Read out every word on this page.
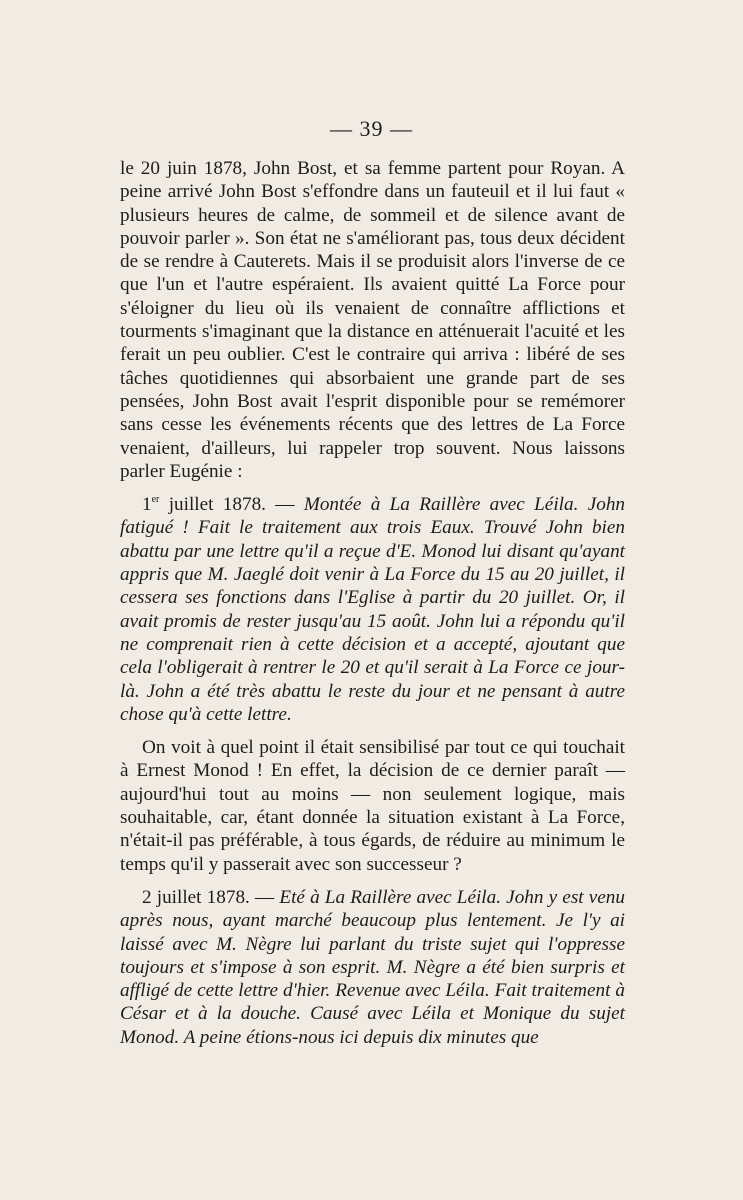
— 39 —

le 20 juin 1878, John Bost, et sa femme partent pour Royan. A peine arrivé John Bost s'effondre dans un fauteuil et il lui faut « plusieurs heures de calme, de sommeil et de silence avant de pouvoir parler ». Son état ne s'améliorant pas, tous deux décident de se rendre à Cauterets. Mais il se produisit alors l'inverse de ce que l'un et l'autre espéraient. Ils avaient quitté La Force pour s'éloigner du lieu où ils venaient de connaître afflictions et tourments s'imaginant que la distance en atténuerait l'acuité et les ferait un peu oublier. C'est le contraire qui arriva : libéré de ses tâches quotidiennes qui absorbaient une grande part de ses pensées, John Bost avait l'esprit disponible pour se remémorer sans cesse les événements récents que des lettres de La Force venaient, d'ailleurs, lui rappeler trop souvent. Nous laissons parler Eugénie :

1er juillet 1878. — Montée à La Raillère avec Léila. John fatigué ! Fait le traitement aux trois Eaux. Trouvé John bien abattu par une lettre qu'il a reçue d'E. Monod lui disant qu'ayant appris que M. Jaeglé doit venir à La Force du 15 au 20 juillet, il cessera ses fonctions dans l'Eglise à partir du 20 juillet. Or, il avait promis de rester jusqu'au 15 août. John lui a répondu qu'il ne comprenait rien à cette décision et a accepté, ajoutant que cela l'obligerait à rentrer le 20 et qu'il serait à La Force ce jour-là. John a été très abattu le reste du jour et ne pensant à autre chose qu'à cette lettre.

On voit à quel point il était sensibilisé par tout ce qui touchait à Ernest Monod ! En effet, la décision de ce dernier paraît — aujourd'hui tout au moins — non seulement logique, mais souhaitable, car, étant donnée la situation existant à La Force, n'était-il pas préférable, à tous égards, de réduire au minimum le temps qu'il y passerait avec son successeur ?

2 juillet 1878. — Eté à La Raillère avec Léila. John y est venu après nous, ayant marché beaucoup plus lentement. Je l'y ai laissé avec M. Nègre lui parlant du triste sujet qui l'oppresse toujours et s'impose à son esprit. M. Nègre a été bien surpris et affligé de cette lettre d'hier. Revenue avec Léila. Fait traitement à César et à la douche. Causé avec Léila et Monique du sujet Monod. A peine étions-nous ici depuis dix minutes que
